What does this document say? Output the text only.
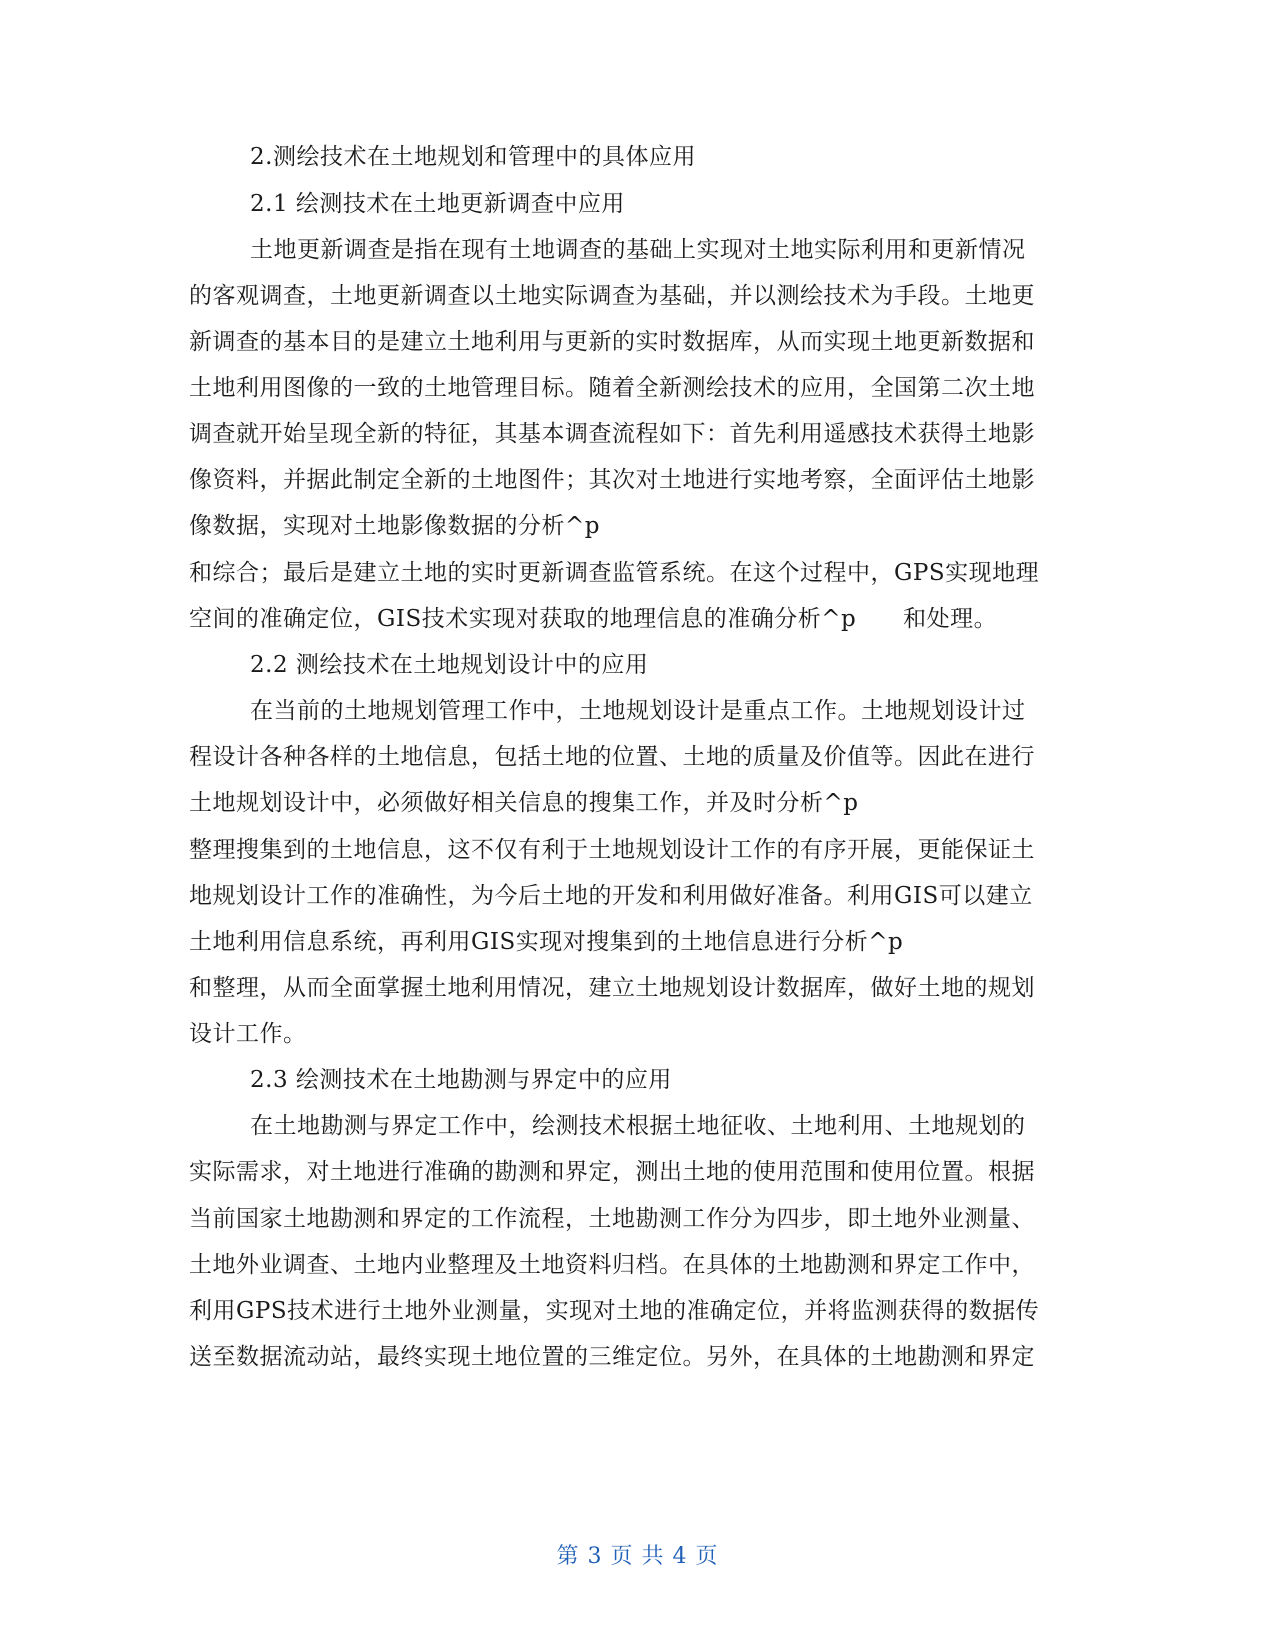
2.测绘技术在土地规划和管理中的具体应用
2.1 绘测技术在土地更新调查中应用
土地更新调查是指在现有土地调查的基础上实现对土地实际利用和更新情况
的客观调查，土地更新调查以土地实际调查为基础，并以测绘技术为手段。土地更
新调查的基本目的是建立土地利用与更新的实时数据库，从而实现土地更新数据和
土地利用图像的一致的土地管理目标。随着全新测绘技术的应用，全国第二次土地
调查就开始呈现全新的特征，其基本调查流程如下：首先利用遥感技术获得土地影
像资料，并据此制定全新的土地图件；其次对土地进行实地考察，全面评估土地影
像数据，实现对土地影像数据的分析^p
和综合；最后是建立土地的实时更新调查监管系统。在这个过程中，GPS实现地理
空间的准确定位，GIS技术实现对获取的地理信息的准确分析^p      和处理。
2.2 测绘技术在土地规划设计中的应用
在当前的土地规划管理工作中，土地规划设计是重点工作。土地规划设计过
程设计各种各样的土地信息，包括土地的位置、土地的质量及价值等。因此在进行
土地规划设计中，必须做好相关信息的搜集工作，并及时分析^p
整理搜集到的土地信息，这不仅有利于土地规划设计工作的有序开展，更能保证土
地规划设计工作的准确性，为今后土地的开发和利用做好准备。利用GIS可以建立
土地利用信息系统，再利用GIS实现对搜集到的土地信息进行分析^p
和整理，从而全面掌握土地利用情况，建立土地规划设计数据库，做好土地的规划
设计工作。
2.3 绘测技术在土地勘测与界定中的应用
在土地勘测与界定工作中，绘测技术根据土地征收、土地利用、土地规划的
实际需求，对土地进行准确的勘测和界定，测出土地的使用范围和使用位置。根据
当前国家土地勘测和界定的工作流程，土地勘测工作分为四步，即土地外业测量、
土地外业调查、土地内业整理及土地资料归档。在具体的土地勘测和界定工作中，
利用GPS技术进行土地外业测量，实现对土地的准确定位，并将监测获得的数据传
送至数据流动站，最终实现土地位置的三维定位。另外，在具体的土地勘测和界定
第 3 页 共 4 页
